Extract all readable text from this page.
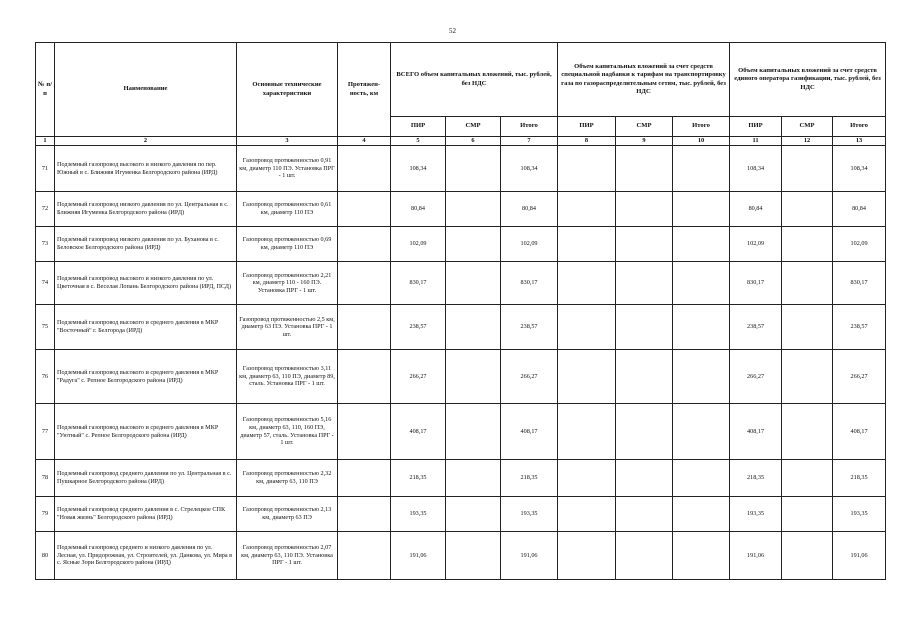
52
№ п/п	Наименование	Основные технические характеристики	Протяжен-ность, км	ВСЕГО объем капитальных вложений, тыс. рублей, без НДС			Объем капитальных вложений за счет средств специальной надбавки к тарифам на транспортировку газа по газораспределительным сетям, тыс. рублей, без НДС			Объем капитальных вложений за счет средств единого оператора газификации, тыс. рублей, без НДС		
				ПИР	СМР	Итого	ПИР	СМР	Итого	ПИР	СМР	Итого
1	2	3	4	5	6	7	8	9	10	11	12	13
71	Подземный газопровод высокого и низкого давления по пер. Южный в с. Ближняя Игуменка Белгородского района (ИРД)	Газопровод протяженностью 0,91 км, диаметр 110 ПЭ. Установка ПРГ - 1 шт.		108,34		108,34				108,34		108,34
72	Подземный газопровод низкого давления по ул. Центральная в с. Ближняя Игуменка Белгородского района (ИРД)	Газопровод протяженностью 0,61 км, диаметр 110 ПЭ		80,84		80,84				80,84		80,84
73	Подземный газопровод низкого давления по ул. Буханова в с. Беловское Белгородского района (ИРД)	Газопровод протяженностью 0,69 км, диаметр 110 ПЭ		102,09		102,09				102,09		102,09
74	Подземный газопровод высокого и низкого давления по ул. Цветочная в с. Веселая Лопань Белгородского района (ИРД, ПСД)	Газопровод протяженностью 2,21 км, диаметр 110 - 160 ПЭ. Установка ПРГ - 1 шт.		830,17		830,17				830,17		830,17
75	Подземный газопровод высокого и среднего давления в МКР "Восточный" г. Белгорода (ИРД)	Газопровод протяженностью 2,5 км, диаметр 63 ПЭ. Установка ПРГ - 1 шт.		238,57		238,57				238,57		238,57
76	Подземный газопровод высокого и среднего давления в МКР "Радуга" с. Репное Белгородского района (ИРД)	Газопровод протяженностью 3,11 км, диаметр 63, 110 ПЭ, диаметр 89, сталь. Установка ПРГ - 1 шт.		266,27		266,27				266,27		266,27
77	Подземный газопровод высокого и среднего давления в МКР "Уютный" с. Репное Белгородского района (ИРД)	Газопровод протяженностью 5,16 км, диаметр 63, 110, 160 ПЭ, диаметр 57, сталь. Установка ПРГ - 1 шт.		408,17		408,17				408,17		408,17
78	Подземный газопровод среднего давления по ул. Центральная в с. Пушкарное Белгородского района (ИРД)	Газопровод протяженностью 2,32 км, диаметр 63, 110 ПЭ		218,35		218,35				218,35		218,35
79	Подземный газопровод среднего давления в с. Стрелецкое СПК "Новая жизнь" Белгородского района (ИРД)	Газопровод протяженностью 2,13 км, диаметр 63 ПЭ		193,35		193,35				193,35		193,35
80	Подземный газопровод среднего и низкого давления по ул. Лесная, ул. Придорожная, ул. Строителей, ул. Данкова, ул. Мира в с. Ясные Зори Белгородского района (ИРД)	Газопровод протяженностью 2,07 км, диаметр 63, 110 ПЭ. Установка ПРГ - 1 шт.		191,06		191,06				191,06		191,06
